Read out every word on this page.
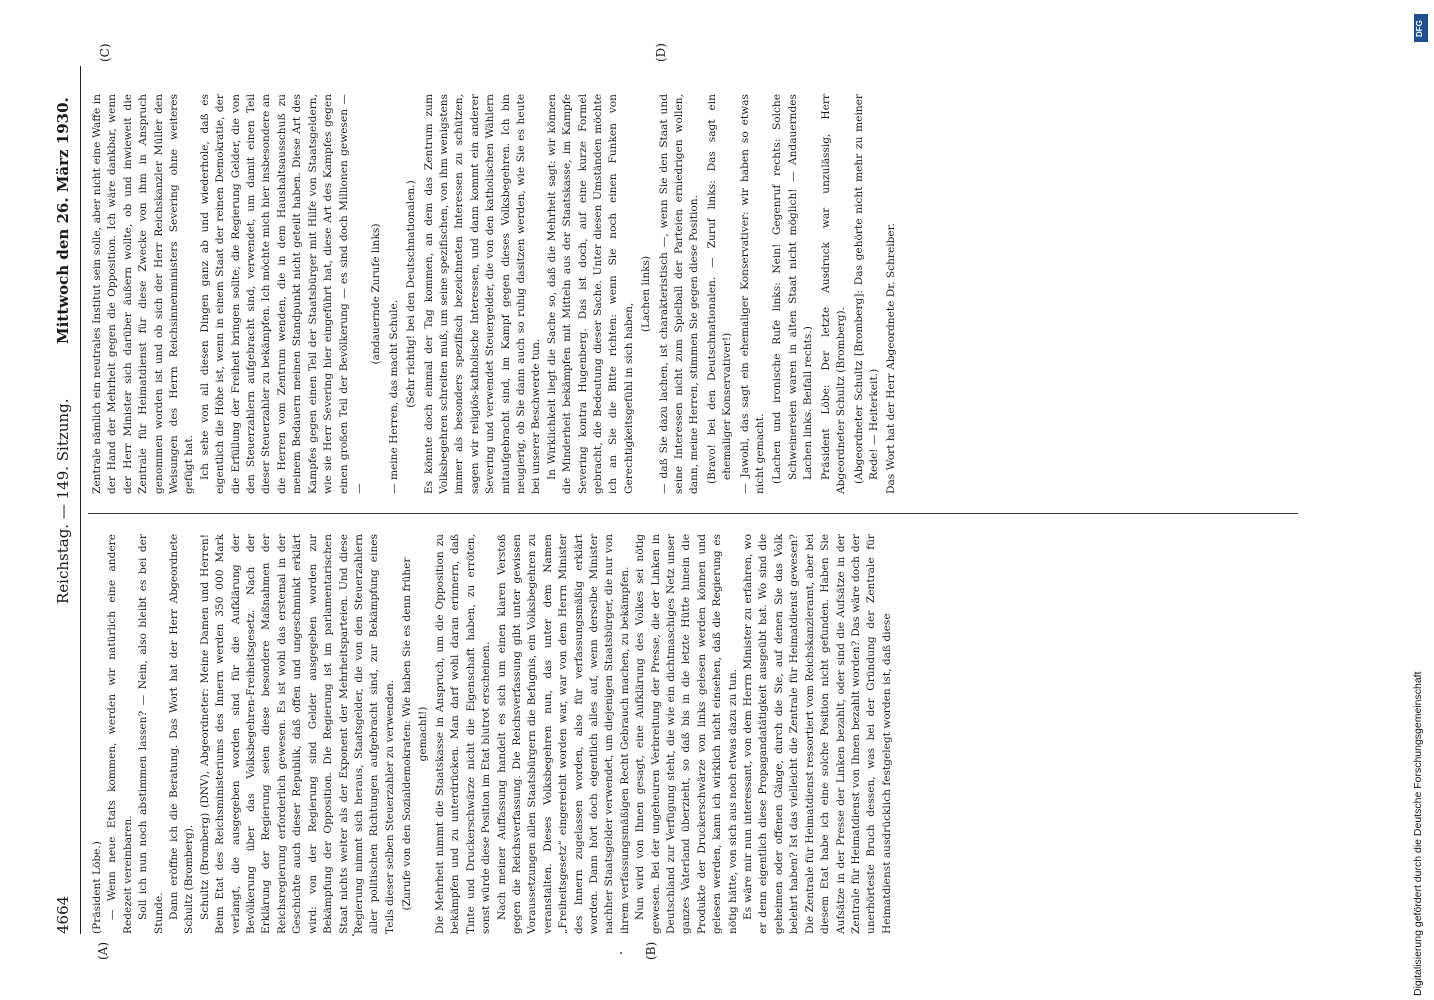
4664
Reichstag. — 149. Sitzung.
Mittwoch den 26. März 1930.
(A)	(B)
(C)	(D)

(Präsident Löbe.) — Wenn neue Etats kommen, werden wir natürlich eine andere Redezeit vereinbaren. Soll ich nun noch abstimmen lassen? — Nein, also bleibt es bei der Stunde. Dann eröffne ich die Beratung. Das Wort hat der Herr Abgeordnete Schultz (Bromberg). Schultz (Bromberg) (DNV), Abgeordneter: Meine Damen und Herren! Beim Etat des Reichsministeriums des Innern werden 350 000 Mark verlangt, die ausgegeben worden sind für die Aufklärung der Bevölkerung über das Volksbegehren-Freiheitsgesetz. Nach der Erklärung der Regierung seien diese besondere Maßnahmen der Reichsregierung erforderlich gewesen. Es ist wohl das erstemal in der Geschichte auch dieser Republik, daß offen und ungeschminkt erklärt wird: von der Regierung sind Gelder ausgegeben worden zur Bekämpfung der Opposition. Die Regierung ist im parlamentarischen Staat nichts weiter als der Exponent der Mehrheitsparteien. Und diese Regierung nimmt sich heraus, Staatsgelder, die von den Steuerzahlern aller politischen Richtungen aufgebracht sind, zur Bekämpfung eines Teils dieser selben Steuerzahler zu verwenden. (Zurufe von den Sozialdemokraten: Wie haben Sie es denn früher gemacht!) Die Mehrheit nimmt die Staatskasse in Anspruch, um die Opposition zu bekämpfen und zu unterdrücken. Man darf wohl daran erinnern, daß Tinte und Druckerschwärze nicht die Eigenschaft haben, zu erröten, sonst würde diese Position im Etat blutrot erscheinen. Nach meiner Auffassung handelt es sich um einen klaren Verstoß gegen die Reichsverfassung. Die Reichsverfassung gibt unter gewissen Voraussetzungen allen Staatsbürgern die Befugnis, ein Volksbegehren zu veranstalten. Dieses Volksbegehren nun, das unter dem Namen „Freiheitsgesetz“ eingereicht worden war, war von dem Herrn Minister des Innern zugelassen worden, also für verfassungsmäßig erklärt worden. Dann hört doch eigentlich alles auf, wenn derselbe Minister nachher Staatsgelder verwendet, um diejenigen Staatsbürger, die nur von ihrem verfassungsmäßigen Recht Gebrauch machen, zu bekämpfen. Nun wird von Ihnen gesagt, eine Aufklärung des Volkes sei nötig gewesen. Bei der ungeheuren Verbreitung der Presse, die der Linken in Deutschland zur Verfügung steht, die wie ein dichtmaschiges Netz unser ganzes Vaterland überzieht, so daß bis in die letzte Hütte hinein die Produkte der Druckerschwärze von links gelesen werden können und gelesen werden, kann ich wirklich nicht einsehen, daß die Regierung es nötig hätte, von sich aus noch etwas dazu zu tun. Es wäre mir nun interessant, von dem Herrn Minister zu erfahren, wo er denn eigentlich diese Propagandatätigkeit ausgeübt hat. Wo sind die geheimen oder offenen Gänge, durch die Sie, auf denen Sie das Volk belehrt haben? Ist das vielleicht die Zentrale für Heimatdienst gewesen? Die Zentrale für Heimatdienst ressortiert vom Reichskanzleramt, aber bei diesem Etat habe ich eine solche Position nicht gefunden. Haben Sie Aufsätze in der Presse der Linken bezahlt, oder sind die Aufsätze in der Zentrale für Heimatdienst von Ihnen bezahlt worden? Das wäre doch der unerhörteste Bruch dessen, was bei der Gründung der Zentrale für Heimatdienst ausdrücklich festgelegt worden ist, daß diese

Zentrale nämlich ein neutrales Institut sein solle, aber nicht eine Waffe in der Hand der Mehrheit gegen die Opposition. Ich wäre dankbar, wenn der Herr Minister sich darüber äußern wollte, ob und inwieweit die Zentrale für Heimatdienst für diese Zwecke von ihm in Anspruch genommen worden ist und ob sich der Herr Reichskanzler Müller den Weisungen des Herrn Reichsinnenministers Severing ohne weiteres gefügt hat. Ich sehe von all diesen Dingen ganz ab und wiederhole, daß es eigentlich die Höhe ist, wenn in einem Staat der reinen Demokratie, der die Erfüllung der Freiheit bringen sollte, die Regierung Gelder, die von den Steuerzahlern aufgebracht sind, verwendet, um damit einen Teil dieser Steuerzahler zu bekämpfen. Ich möchte mich hier insbesondere an die Herren vom Zentrum wenden, die in dem Haushaltsausschuß zu meinem Bedauern meinen Standpunkt nicht geteilt haben. Diese Art des Kampfes gegen einen Teil der Staatsbürger mit Hilfe von Staatsgeldern, wie sie Herr Severing hier eingeführt hat, diese Art des Kampfes gegen einen großen Teil der Bevölkerung — es sind doch Millionen gewesen — —

(andauernde Zurufe links)

— meine Herren, das macht Schule. (Sehr richtig! bei den Deutschnationalen.) Es könnte doch einmal der Tag kommen, an dem das Zentrum zum Volksbegehren schreiten muß, um seine spezifischen, von ihm wenigstens immer als besonders spezifisch bezeichneten Interessen zu schützen, sagen wir religiös-katholische Interessen, und dann kommt ein anderer Severing und verwendet Steuergelder, die von den katholischen Wählern mitaufgebracht sind, im Kampf gegen dieses Volksbegehren. Ich bin neugierig, ob Sie dann auch so ruhig dasitzen werden, wie Sie es heute bei unserer Beschwerde tun. In Wirklichkeit liegt die Sache so, daß die Mehrheit sagt: wir können die Minderheit bekämpfen mit Mitteln aus der Staatskasse, im Kampfe Severing kontra Hugenberg. Das ist doch, auf eine kurze Formel gebracht, die Bedeutung dieser Sache. Unter diesen Umständen möchte ich an Sie die Bitte richten: wenn Sie noch einen Funken von Gerechtigkeitsgefühl in sich haben,

(Lachen links) — daß Sie dazu lachen, ist charakteristisch —, wenn Sie den Staat und seine Interessen nicht zum Spielball der Parteien erniedrigen wollen, dann, meine Herren, stimmen Sie gegen diese Position. (Bravo! bei den Deutschnationalen. — Zuruf links: Das sagt ein ehemaliger Konservativer!) — Jawohl, das sagt ein ehemaliger Konservativer: wir haben so etwas nicht gemacht. (Lachen und ironische Rufe links: Nein! Gegenruf rechts: Solche Schweinereien waren in alten Staat nicht möglich! — Andauerndes Lachen links. Beifall rechts.) Präsident Löbe: Der letzte Ausdruck war unzulässig, Herr Abgeordneter Schultz (Bromberg). (Abgeordneter Schultz [Bromberg]: Das gehörte nicht mehr zu meiner Rede! — Heiterkeit.) Das Wort hat der Herr Abgeordnete Dr. Schreiber.

DFG
Digitalisierung gefördert durch die Deutsche Forschungsgemeinschaft
